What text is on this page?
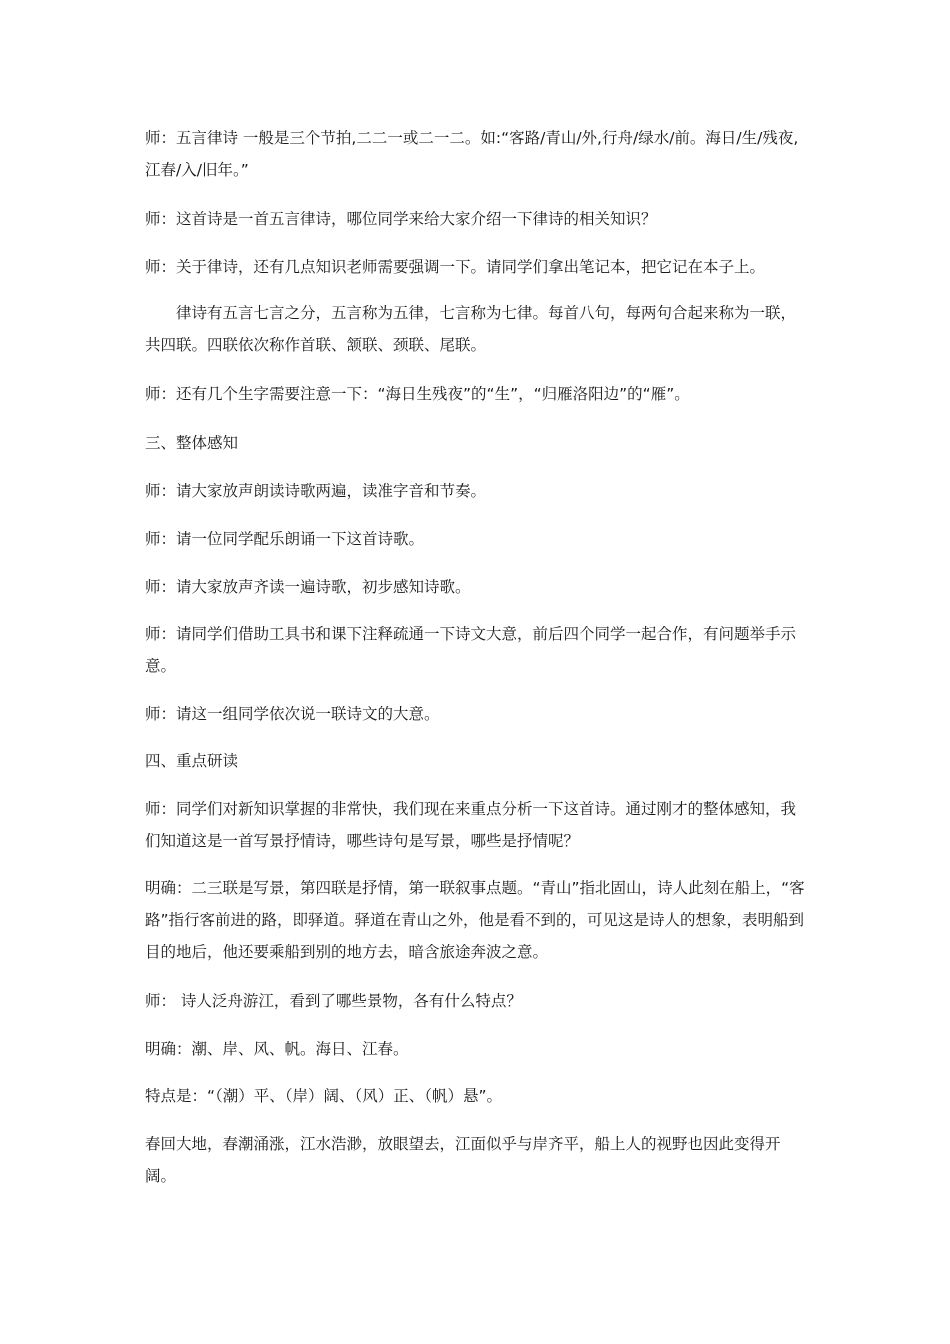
师：五言律诗 一般是三个节拍,二二一或二一二。如:“客路/青山/外,行舟/绿水/前。海日/生/残夜,江春/入/旧年。”

师：这首诗是一首五言律诗，哪位同学来给大家介绍一下律诗的相关知识？

师：关于律诗，还有几点知识老师需要强调一下。请同学们拿出笔记本，把它记在本子上。

律诗有五言七言之分，五言称为五律，七言称为七律。每首八句，每两句合起来称为一联，共四联。四联依次称作首联、颔联、颈联、尾联。

师：还有几个生字需要注意一下：“海日生残夜”的“生”，“归雁洛阳边”的“雁”。

三、整体感知

师：请大家放声朗读诗歌两遍，读准字音和节奏。

师：请一位同学配乐朗诵一下这首诗歌。

师：请大家放声齐读一遍诗歌，初步感知诗歌。

师：请同学们借助工具书和课下注释疏通一下诗文大意，前后四个同学一起合作，有问题举手示意。

师：请这一组同学依次说一联诗文的大意。

四、重点研读

师：同学们对新知识掌握的非常快，我们现在来重点分析一下这首诗。通过刚才的整体感知，我们知道这是一首写景抒情诗，哪些诗句是写景，哪些是抒情呢？

明确：二三联是写景，第四联是抒情，第一联叙事点题。“青山”指北固山，诗人此刻在船上，“客路”指行客前进的路，即驿道。驿道在青山之外，他是看不到的，可见这是诗人的想象，表明船到目的地后，他还要乘船到别的地方去，暗含旅途奔波之意。

师： 诗人泛舟游江，看到了哪些景物，各有什么特点？

明确：潮、岸、风、帆。海日、江春。

特点是：“（潮）平、（岸）阔、（风）正、（帆）悬”。

春回大地，春潮涌涨，江水浩渺，放眼望去，江面似乎与岸齐平，船上人的视野也因此变得开阔。
